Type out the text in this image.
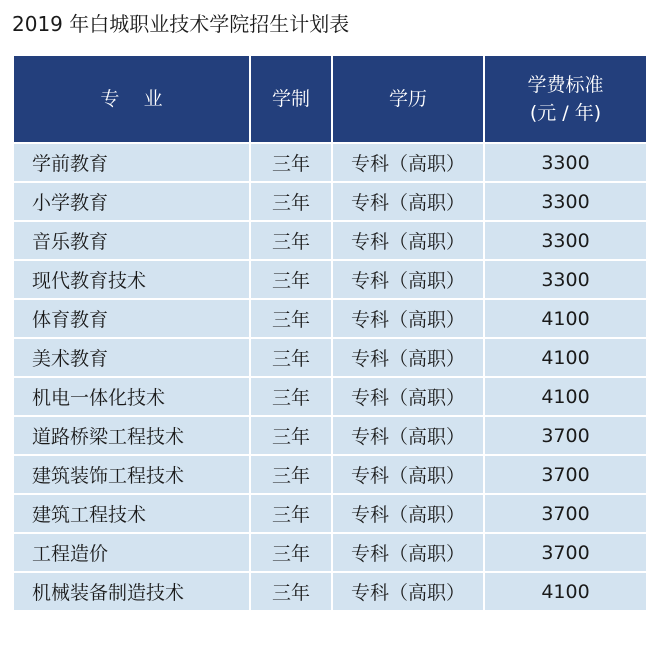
2019 年白城职业技术学院招生计划表
专    业	学制	学历	学费标准
(元 / 年)

学前教育	三年	专科（高职）	3300
小学教育	三年	专科（高职）	3300
音乐教育	三年	专科（高职）	3300
现代教育技术	三年	专科（高职）	3300
体育教育	三年	专科（高职）	4100
美术教育	三年	专科（高职）	4100
机电一体化技术	三年	专科（高职）	4100
道路桥梁工程技术	三年	专科（高职）	3700
建筑装饰工程技术	三年	专科（高职）	3700
建筑工程技术	三年	专科（高职）	3700
工程造价	三年	专科（高职）	3700
机械装备制造技术	三年	专科（高职）	4100
